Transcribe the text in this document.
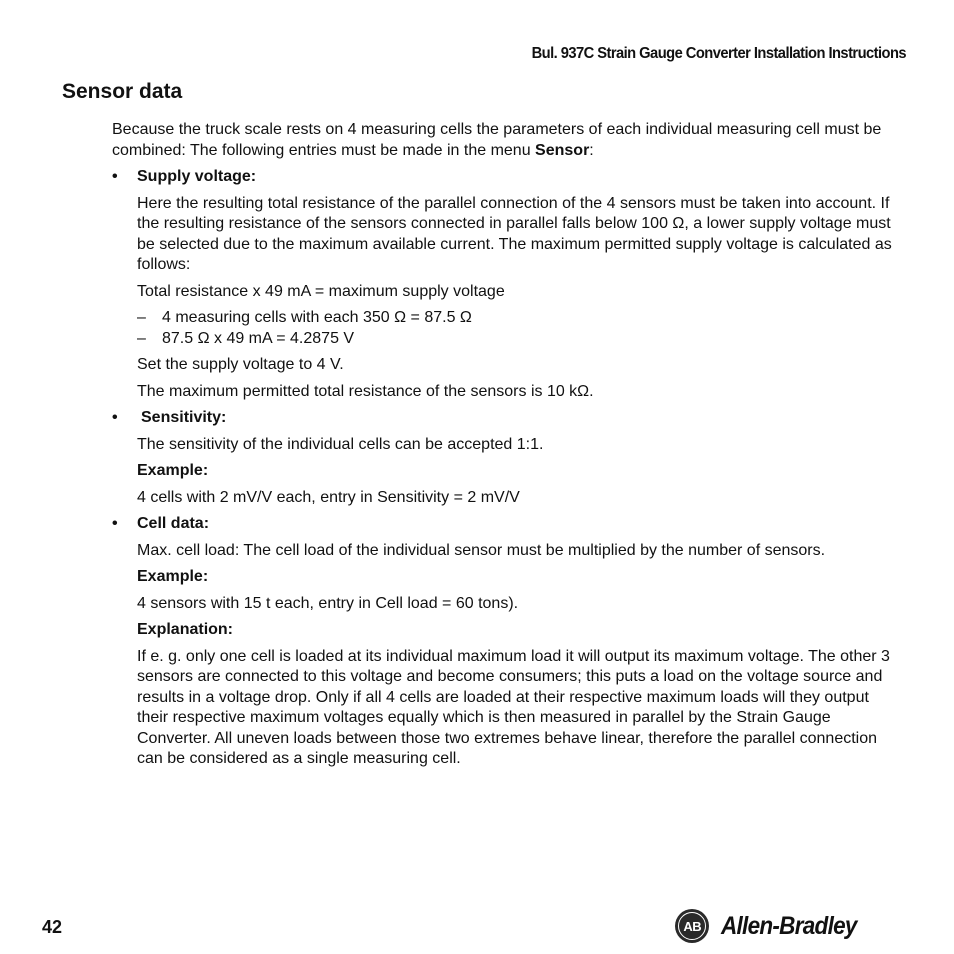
Bul. 937C Strain Gauge Converter Installation Instructions
Sensor data

Because the truck scale rests on 4 measuring cells the parameters of each individual measuring cell must be combined: The following entries must be made in the menu Sensor:

• Supply voltage:

Here the resulting total resistance of the parallel connection of the 4 sensors must be taken into account. If the resulting resistance of the sensors connected in parallel falls below 100 Ω, a lower supply voltage must be selected due to the maximum available current. The maximum permitted supply voltage is calculated as follows:

Total resistance x 49 mA = maximum supply voltage

– 4 measuring cells with each 350 Ω = 87.5 Ω

– 87.5 Ω x 49 mA = 4.2875 V

Set the supply voltage to 4 V.

The maximum permitted total resistance of the sensors is 10 kΩ.

• Sensitivity:

The sensitivity of the individual cells can be accepted 1:1.

Example:

4 cells with 2 mV/V each, entry in Sensitivity = 2 mV/V

• Cell data:

Max. cell load: The cell load of the individual sensor must be multiplied by the number of sensors.

Example:

4 sensors with 15 t each, entry in Cell load = 60 tons).

Explanation:

If e. g. only one cell is loaded at its individual maximum load it will output its maximum voltage. The other 3 sensors are connected to this voltage and become consumers; this puts a load on the voltage source and results in a voltage drop. Only if all 4 cells are loaded at their respective maximum loads will they output their respective maximum voltages equally which is then measured in parallel by the Strain Gauge Converter. All uneven loads between those two extremes behave linear, therefore the parallel connection can be considered as a single measuring cell.

42	AB Allen-Bradley
